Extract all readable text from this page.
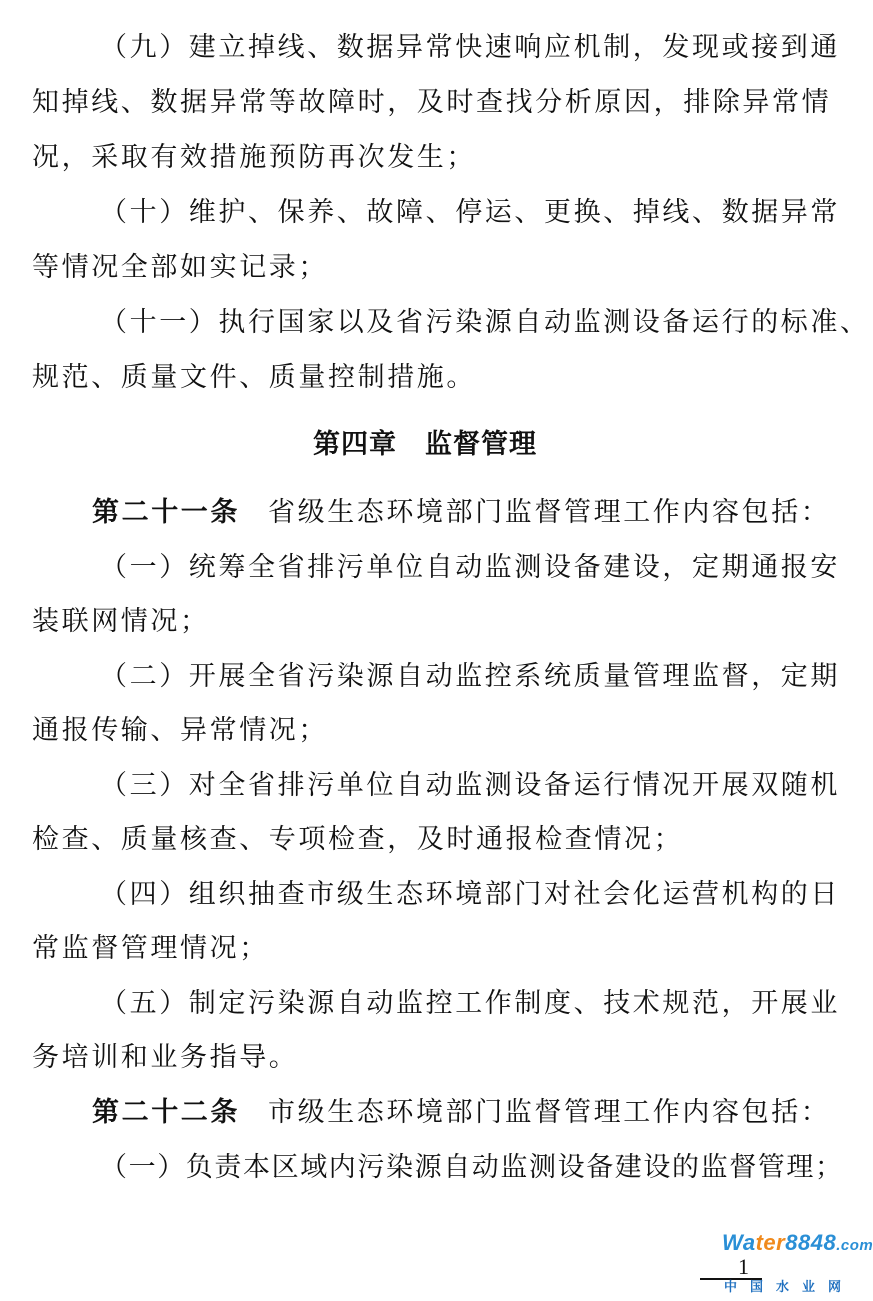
（九）建立掉线、数据异常快速响应机制，发现或接到通
知掉线、数据异常等故障时，及时查找分析原因，排除异常情
况，采取有效措施预防再次发生；
（十）维护、保养、故障、停运、更换、掉线、数据异常
等情况全部如实记录；
（十一）执行国家以及省污染源自动监测设备运行的标准、
规范、质量文件、质量控制措施。
第四章　监督管理
第二十一条 省级生态环境部门监督管理工作内容包括：
（一）统筹全省排污单位自动监测设备建设，定期通报安
装联网情况；
（二）开展全省污染源自动监控系统质量管理监督，定期
通报传输、异常情况；
（三）对全省排污单位自动监测设备运行情况开展双随机
检查、质量核查、专项检查，及时通报检查情况；
（四）组织抽查市级生态环境部门对社会化运营机构的日
常监督管理情况；
（五）制定污染源自动监控工作制度、技术规范，开展业
务培训和业务指导。
第二十二条 市级生态环境部门监督管理工作内容包括：
（一）负责本区域内污染源自动监测设备建设的监督管理；
1
Water8848.com
中国水业网
